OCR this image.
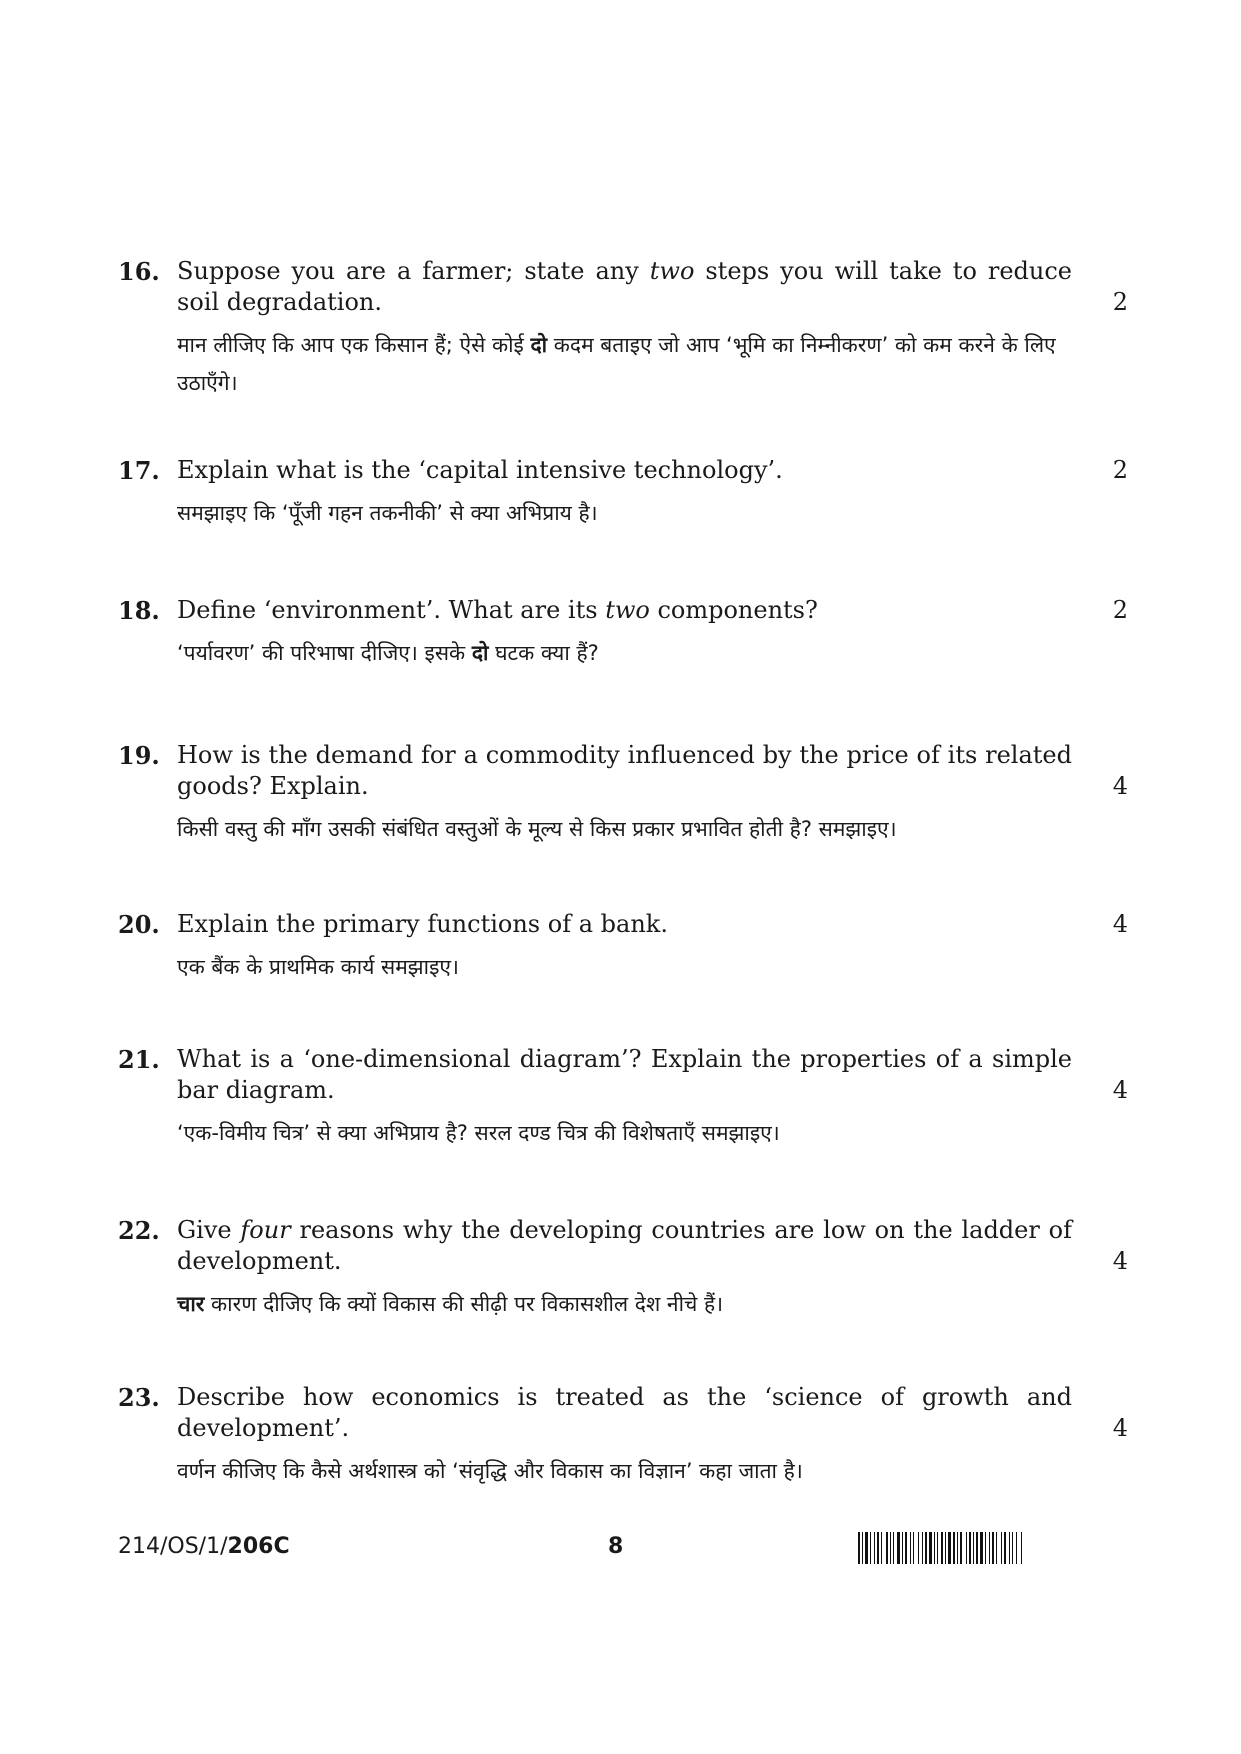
16. Suppose you are a farmer; state any two steps you will take to reduce soil degradation.	2
मान लीजिए कि आप एक किसान हैं; ऐसे कोई दो कदम बताइए जो आप ‘भूमि का निम्नीकरण’ को कम करने के लिए उठाएँगे।
17. Explain what is the ‘capital intensive technology’.	2
समझाइए कि ‘पूँजी गहन तकनीकी’ से क्या अभिप्राय है।
18. Define ‘environment’. What are its two components?	2
‘पर्यावरण’ की परिभाषा दीजिए। इसके दो घटक क्या हैं?
19. How is the demand for a commodity influenced by the price of its related goods? Explain.	4
किसी वस्तु की माँग उसकी संबंधित वस्तुओं के मूल्य से किस प्रकार प्रभावित होती है? समझाइए।
20. Explain the primary functions of a bank.	4
एक बैंक के प्राथमिक कार्य समझाइए।
21. What is a ‘one-dimensional diagram’? Explain the properties of a simple bar diagram.	4
‘एक-विमीय चित्र’ से क्या अभिप्राय है? सरल दण्ड चित्र की विशेषताएँ समझाइए।
22. Give four reasons why the developing countries are low on the ladder of development.	4
चार कारण दीजिए कि क्यों विकास की सीढ़ी पर विकासशील देश नीचे हैं।
23. Describe how economics is treated as the ‘science of growth and development’.	4
वर्णन कीजिए कि कैसे अर्थशास्त्र को ‘संवृद्धि और विकास का विज्ञान’ कहा जाता है।
214/OS/1/206C	8
